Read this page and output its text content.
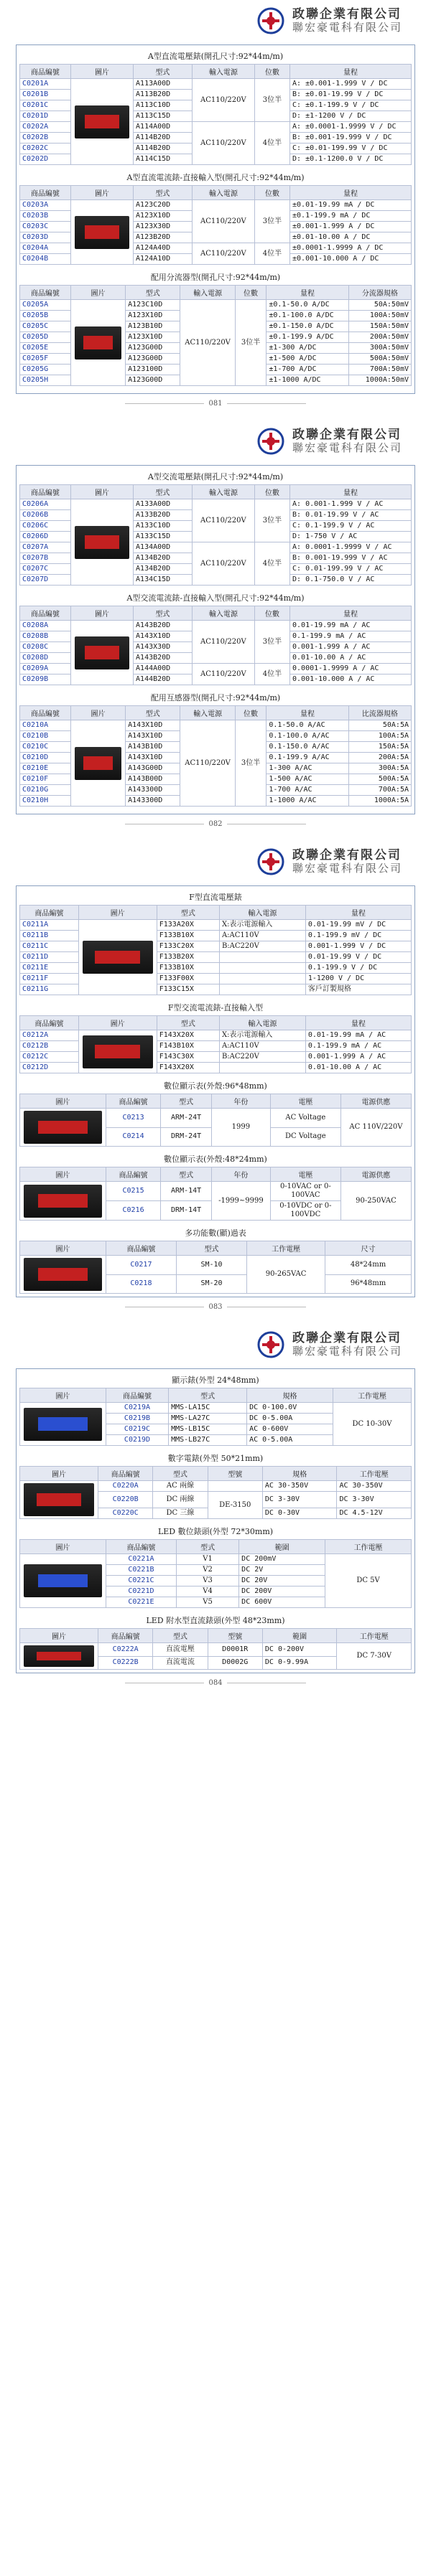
政聯企業有限公司
聯宏豪電科有限公司
A型直流電壓錶(開孔尺寸:92*44m/m)
商品編號	圖片	型式	輸入電源	位數	量程
C0201A		A113A00D	AC110/220V	3位半	A: ±0.001-1.999 V / DC
C0201B		A113B20D			B: ±0.01-19.99 V / DC
C0201C		A113C10D			C: ±0.1-199.9 V / DC
C0201D		A113C15D			D: ±1-1200 V / DC
C0202A		A114A00D	AC110/220V	4位半	A: ±0.0001-1.9999 V / DC
C0202B		A114B20D			B: ±0.001-19.999 V / DC
C0202C		A114B20D			C: ±0.01-199.99 V / DC
C0202D		A114C15D			D: ±0.1-1200.0 V / DC
A型直流電流錶-直接輸入型(開孔尺寸:92*44m/m)
商品編號	圖片	型式	輸入電源	位數	量程
C0203A		A123C20D	AC110/220V	3位半	±0.01-19.99 mA / DC
C0203B		A123X10D			±0.1-199.9 mA / DC
C0203C		A123X30D			±0.001-1.999 A / DC
C0203D		A123B20D			±0.01-10.00 A / DC
C0204A		A124A40D	AC110/220V	4位半	±0.0001-1.9999 A / DC
C0204B		A124A10D			±0.001-10.000 A / DC
配用分流器型(開孔尺寸:92*44m/m)
商品編號	圖片	型式	輸入電源	位數	量程	分流器規格
C0205A		A123C10D	AC110/220V	3位半	±0.1-50.0 A/DC	50A:50mV
C0205B		A123X10D			±0.1-100.0 A/DC	100A:50mV
C0205C		A123B10D			±0.1-150.0 A/DC	150A:50mV
C0205D		A123X10D			±0.1-199.9 A/DC	200A:50mV
C0205E		A123G00D			±1-300 A/DC	300A:50mV
C0205F		A123G00D			±1-500 A/DC	500A:50mV
C0205G		A123100D			±1-700 A/DC	700A:50mV
C0205H		A123G00D			±1-1000 A/DC	1000A:50mV
081
政聯企業有限公司
聯宏豪電科有限公司
A型交流電壓錶(開孔尺寸:92*44m/m)
商品編號	圖片	型式	輸入電源	位數	量程
C0206A		A133A00D	AC110/220V	3位半	A: 0.001-1.999 V / AC
C0206B		A133B20D			B: 0.01-19.99 V / AC
C0206C		A133C10D			C: 0.1-199.9 V / AC
C0206D		A133C15D			D: 1-750 V / AC
C0207A		A134A00D	AC110/220V	4位半	A: 0.0001-1.9999 V / AC
C0207B		A134B20D			B: 0.001-19.999 V / AC
C0207C		A134B20D			C: 0.01-199.99 V / AC
C0207D		A134C15D			D: 0.1-750.0 V / AC
A型交流電流錶-直接輸入型(開孔尺寸:92*44m/m)
商品編號	圖片	型式	輸入電源	位數	量程
C0208A		A143B20D	AC110/220V	3位半	0.01-19.99 mA / AC
C0208B		A143X10D			0.1-199.9 mA / AC
C0208C		A143X30D			0.001-1.999 A / AC
C0208D		A143B20D			0.01-10.00 A / AC
C0209A		A144A00D	AC110/220V	4位半	0.0001-1.9999 A / AC
C0209B		A144B20D			0.001-10.000 A / AC
配用互感器型(開孔尺寸:92*44m/m)
商品編號	圖片	型式	輸入電源	位數	量程	比流器規格
C0210A		A143X10D	AC110/220V	3位半	0.1-50.0 A/AC	50A:5A
C0210B		A143X10D			0.1-100.0 A/AC	100A:5A
C0210C		A143B10D			0.1-150.0 A/AC	150A:5A
C0210D		A143X10D			0.1-199.9 A/AC	200A:5A
C0210E		A143G00D			1-300 A/AC	300A:5A
C0210F		A143B00D			1-500 A/AC	500A:5A
C0210G		A143300D			1-700 A/AC	700A:5A
C0210H		A143300D			1-1000 A/AC	1000A:5A
082
政聯企業有限公司
聯宏豪電科有限公司
F型直流電壓錶
商品編號	圖片	型式	輸入電源	量程
C0211A		F133A20X	X:表示電源輸入	0.01-19.99 mV / DC
C0211B		F133B10X	A:AC110V	0.1-199.9 mV / DC
C0211C		F133C20X	B:AC220V	0.001-1.999 V / DC
C0211D		F133B20X		0.01-19.99 V / DC
C0211E		F133B10X		0.1-199.9 V / DC
C0211F		F133F00X		1-1200 V / DC
C0211G		F133C15X		客戶訂製規格
F型交流電流錶-直接輸入型
商品編號	圖片	型式	輸入電源	量程
C0212A		F143X20X	X:表示電源輸入	0.01-19.99 mA / AC
C0212B		F143B10X	A:AC110V	0.1-199.9 mA / AC
C0212C		F143C30X	B:AC220V	0.001-1.999 A / AC
C0212D		F143X20X		0.01-10.00 A / AC
數位顯示表(外殼:96*48mm)
圖片	商品編號	型式	年份	電壓	電源供應

	C0213	ARM-24T	1999	AC Voltage	AC 110V/220V
	C0214	DRM-24T		DC Voltage	
數位顯示表(外殼:48*24mm)
圖片	商品編號	型式	年份	電壓	電源供應

	C0215	ARM-14T	-1999~9999	0-10VAC or 0-100VAC	90-250VAC
	C0216	DRM-14T		0-10VDC or 0-100VDC	
多功能數(顯)過表
圖片	商品編號	型式	工作電壓	尺寸

	C0217	SM-10	90-265VAC	48*24mm
	C0218	SM-20		96*48mm
083
政聯企業有限公司
聯宏豪電科有限公司
顯示錶(外型 24*48mm)
圖片	商品編號	型式	規格	工作電壓

	C0219A	MMS-LA15C	DC 0-100.0V	DC 10-30V
	C0219B	MMS-LA27C	DC 0-5.00A	
	C0219C	MMS-LB15C	AC 0-600V	
	C0219D	MMS-LB27C	AC 0-5.00A	
數字電錶(外型 50*21mm)
圖片	商品編號	型式	型號	規格	工作電壓

	C0220A	AC 兩線		AC 30-350V	AC 30-350V
	C0220B	DC 兩線	DE-3150	DC 3-30V	DC 3-30V
	C0220C	DC 三線		DC 0-30V	DC 4.5-12V
LED 數位錶頭(外型 72*30mm)
圖片	商品編號	型式	範圍	工作電壓

	C0221A	V1	DC 200mV	DC 5V
	C0221B	V2	DC 2V	
	C0221C	V3	DC 20V	
	C0221D	V4	DC 200V	
	C0221E	V5	DC 600V	
LED 附水型直流錶頭(外型 48*23mm)
圖片	商品編號	型式	型號	範圍	工作電壓

	C0222A	直流電壓	D0001R	DC 0-200V	DC 7-30V
	C0222B	直流電流	D0002G	DC 0-9.99A	
084
